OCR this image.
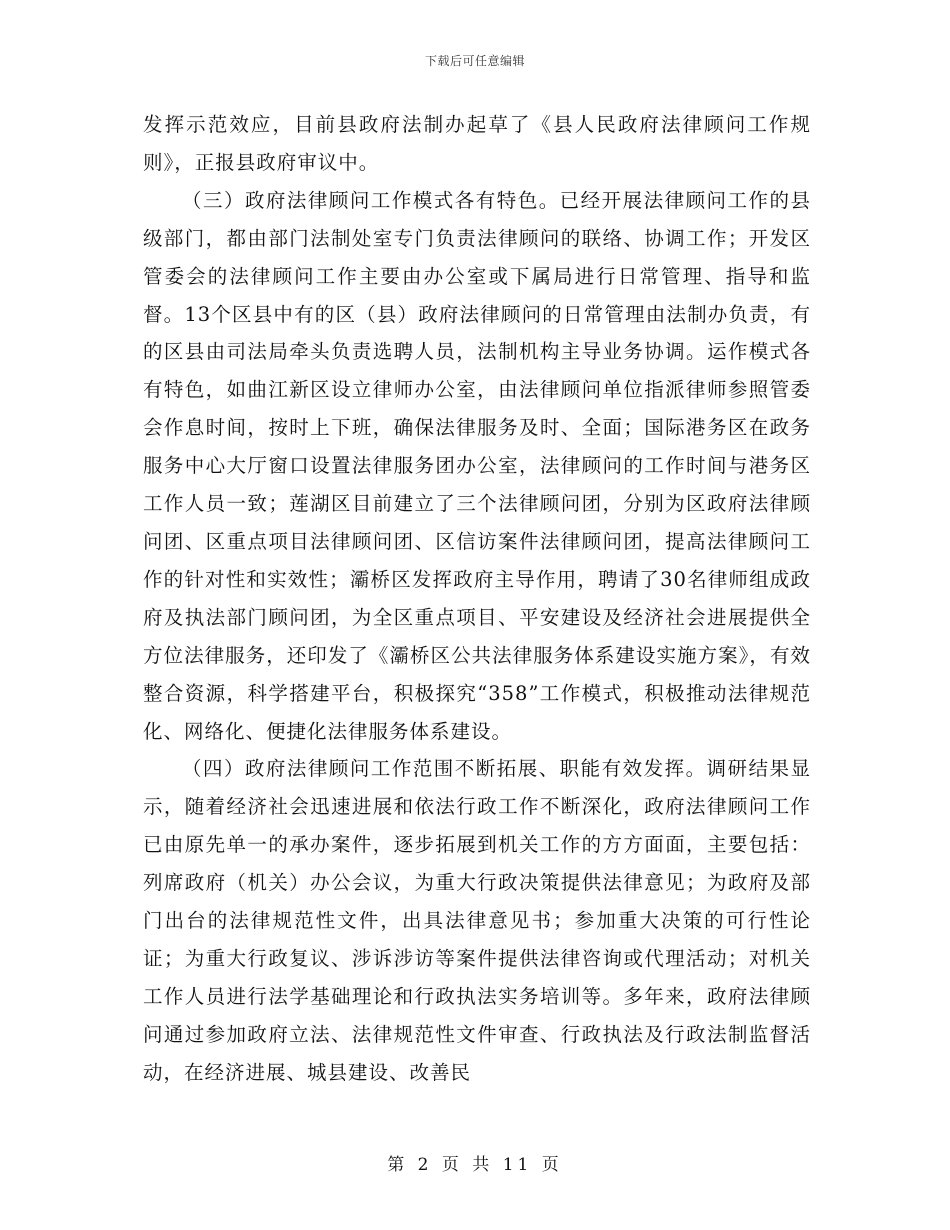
下载后可任意编辑

发挥示范效应，目前县政府法制办起草了《县人民政府法律顾问工作规则》，正报县政府审议中。

（三）政府法律顾问工作模式各有特色。已经开展法律顾问工作的县级部门，都由部门法制处室专门负责法律顾问的联络、协调工作；开发区管委会的法律顾问工作主要由办公室或下属局进行日常管理、指导和监督。13个区县中有的区（县）政府法律顾问的日常管理由法制办负责，有的区县由司法局牵头负责选聘人员，法制机构主导业务协调。运作模式各有特色，如曲江新区设立律师办公室，由法律顾问单位指派律师参照管委会作息时间，按时上下班，确保法律服务及时、全面；国际港务区在政务服务中心大厅窗口设置法律服务团办公室，法律顾问的工作时间与港务区工作人员一致；莲湖区目前建立了三个法律顾问团，分别为区政府法律顾问团、区重点项目法律顾问团、区信访案件法律顾问团，提高法律顾问工作的针对性和实效性；灞桥区发挥政府主导作用，聘请了30名律师组成政府及执法部门顾问团，为全区重点项目、平安建设及经济社会进展提供全方位法律服务，还印发了《灞桥区公共法律服务体系建设实施方案》，有效整合资源，科学搭建平台，积极探究“358”工作模式，积极推动法律规范化、网络化、便捷化法律服务体系建设。

（四）政府法律顾问工作范围不断拓展、职能有效发挥。调研结果显示，随着经济社会迅速进展和依法行政工作不断深化，政府法律顾问工作已由原先单一的承办案件，逐步拓展到机关工作的方方面面，主要包括：列席政府（机关）办公会议，为重大行政决策提供法律意见；为政府及部门出台的法律规范性文件，出具法律意见书；参加重大决策的可行性论证；为重大行政复议、涉诉涉访等案件提供法律咨询或代理活动；对机关工作人员进行法学基础理论和行政执法实务培训等。多年来，政府法律顾问通过参加政府立法、法律规范性文件审查、行政执法及行政法制监督活动，在经济进展、城县建设、改善民

第 2 页 共 11 页
